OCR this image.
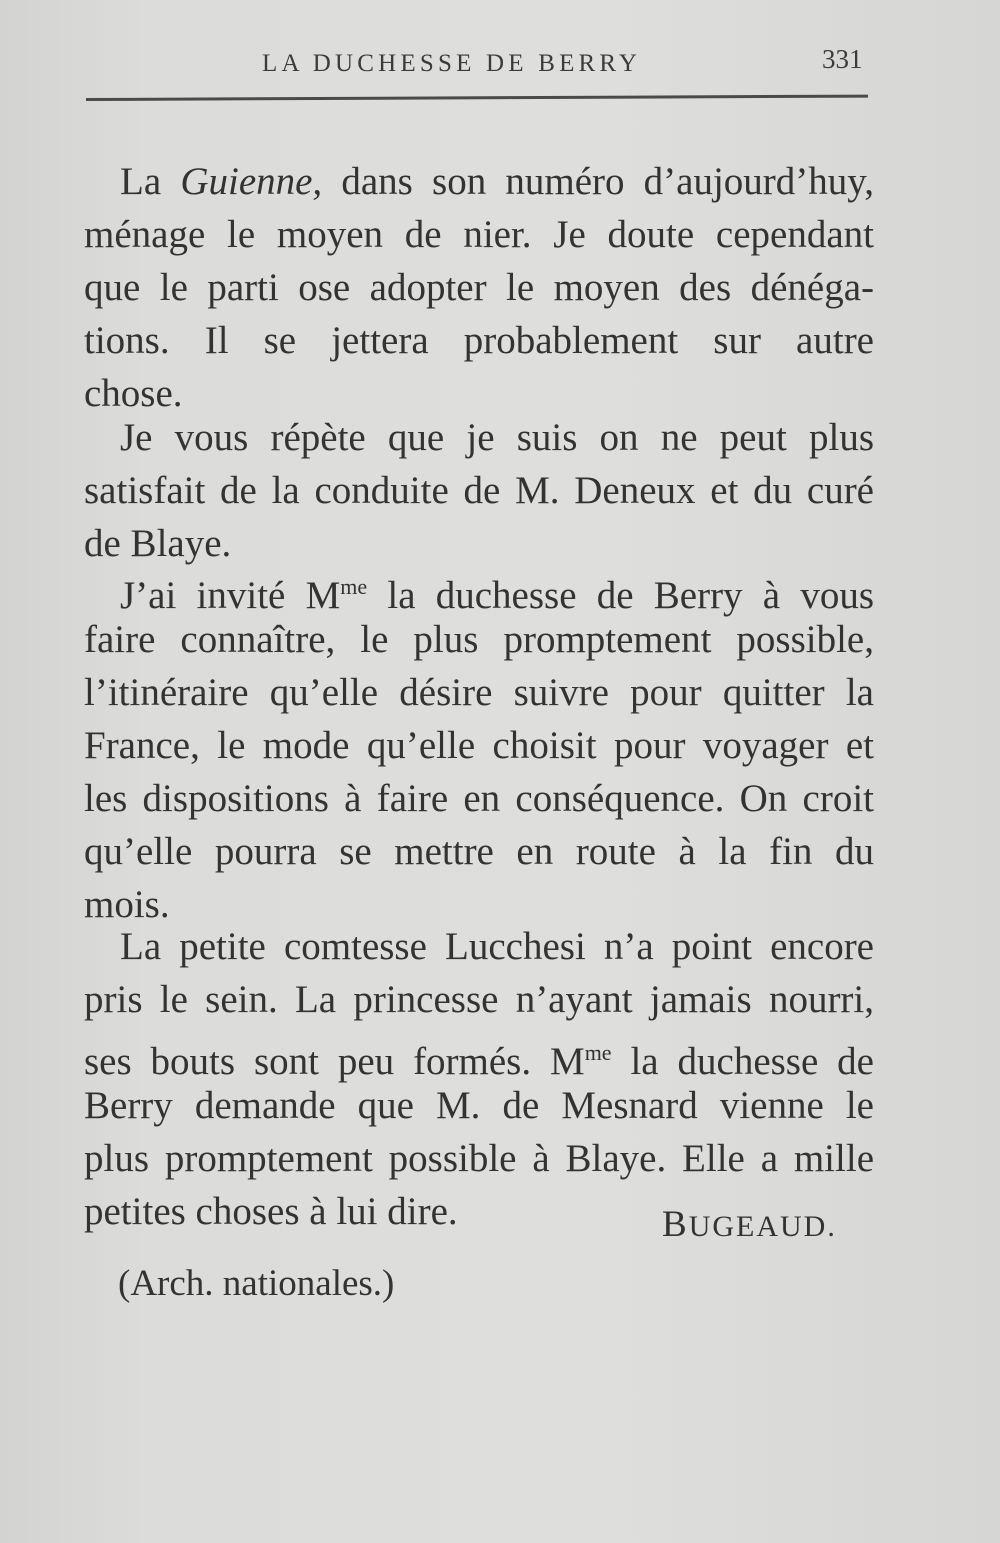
LA DUCHESSE DE BERRY	331
La Guienne, dans son numéro d’aujourd’huy,
ménage le moyen de nier. Je doute cependant
que le parti ose adopter le moyen des dénéga-
tions. Il se jettera probablement sur autre
chose.
Je vous répète que je suis on ne peut plus
satisfait de la conduite de M. Deneux et du curé
de Blaye.
J’ai invité $M^{me}$ la duchesse de Berry à vous
faire connaître, le plus promptement possible,
l’itinéraire qu’elle désire suivre pour quitter la
France, le mode qu’elle choisit pour voyager et
les dispositions à faire en conséquence. On croit
qu’elle pourra se mettre en route à la fin du
mois.
La petite comtesse Lucchesi n’a point encore
pris le sein. La princesse n’ayant jamais nourri,
ses bouts sont peu formés. $M^{me}$ la duchesse de
Berry demande que M. de Mesnard vienne le
plus promptement possible à Blaye. Elle a mille
petites choses à lui dire.	BUGEAUD.
(Arch. nationales.)
